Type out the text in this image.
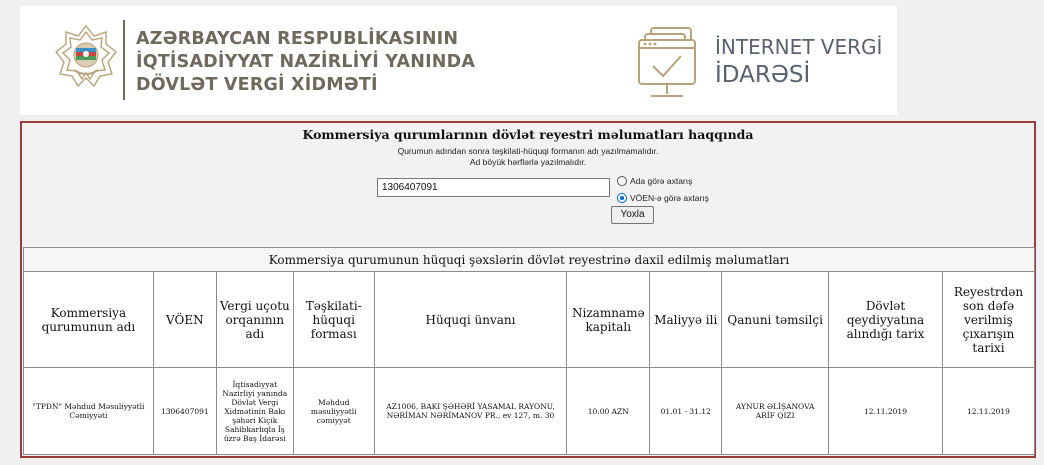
AZƏRBAYCAN RESPUBLİKASININ
İQTİSADİYYAT NAZİRLİYİ YANINDA
DÖVLƏT VERGİ XİDMƏTİ
İNTERNET VERGİ
İDARƏSİ
Kommersiya qurumlarının dövlət reyestri məlumatları haqqında
Qurumun adından sonra təşkilati-hüquqi formanın adı yazılmamalıdır.
Ad böyük hərflərlə yazılmalıdır.
1306407091
Ada görə axtarış
VÖEN-ə görə axtarış
Yoxla
Kommersiya qurumunun hüquqi şəxslərin dövlət reyestrinə daxil edilmiş məlumatları									
Kommersiya qurumunun adı	VÖEN	Vergi uçotu orqanının adı	Təşkilati-hüquqi forması	Hüquqi ünvanı	Nizamnamə kapitalı	Maliyyə ili	Qanuni təmsilçi	Dövlət qeydiyyatına alındığı tarix	Reyestrdən son dəfə verilmiş çıxarışın tarixi
"TPDN" Məhdud Məsuliyyətli Cəmiyyəti	1306407091	İqtisadiyyat Nazirliyi yanında Dövlət Vergi Xidmətinin Bakı şəhəri Kiçik Sahibkarlıqla İş üzrə Baş İdarəsi	Məhdud məsuliyyətli cəmiyyət	AZ1006, BAKI ŞƏHƏRİ YASAMAL RAYONU, NƏRİMAN NƏRİMANOV PR., ev 127, m. 30	10.00 AZN	01.01 - 31.12	AYNUR ƏLİŞANOVA ARİF QIZI	12.11.2019	12.11.2019
